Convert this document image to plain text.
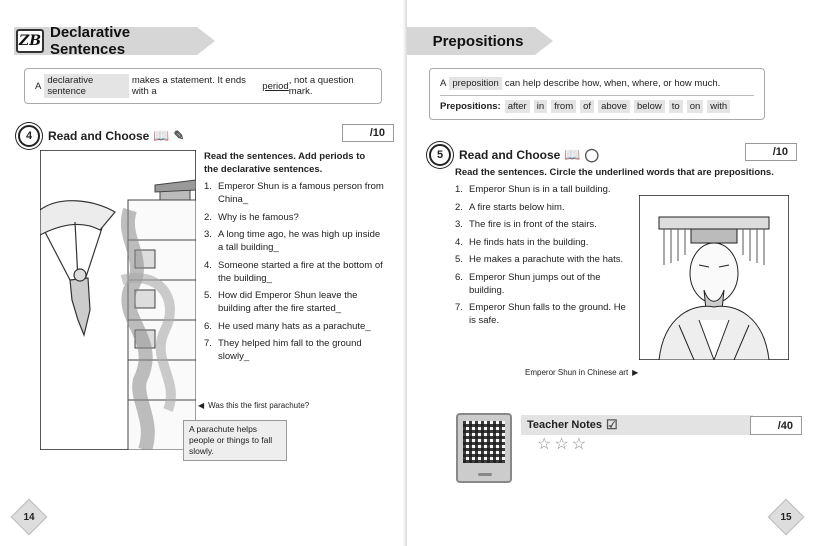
ZB Declarative Sentences
A declarative sentence
makes a statement. It ends with a	period , not a question mark.
4	Read and Choose 📖 ✎	/10
Read the sentences. Add periods to the declarative sentences.
1. Emperor Shun is a famous person from China_
2. Why is he famous?
3. A long time ago, he was high up inside a tall building_
4. Someone started a fire at the bottom of the building_
5. How did Emperor Shun leave the building after the fire started_
6. He used many hats as a parachute_
7. They helped him fall to the ground slowly_
◀ Was this the first parachute?
A parachute helps people or things to fall slowly.
14
Prepositions
A preposition can help describe how, when, where, or how much.
Prepositions: after	in	from	of	above	below	to	on	with
5	Read and Choose 📖 ◯	/10
Read the sentences. Circle the underlined words that are prepositions.
1. Emperor Shun is in a tall building.
2. A fire starts below him.
3. The fire is in front of the stairs.
4. He finds hats in the building.
5. He makes a parachute with the hats.
6. Emperor Shun jumps out of the building.
7. Emperor Shun falls to the ground. He is safe.
Emperor Shun in Chinese art ▶
Teacher Notes ☑	/40
☆☆☆
15
